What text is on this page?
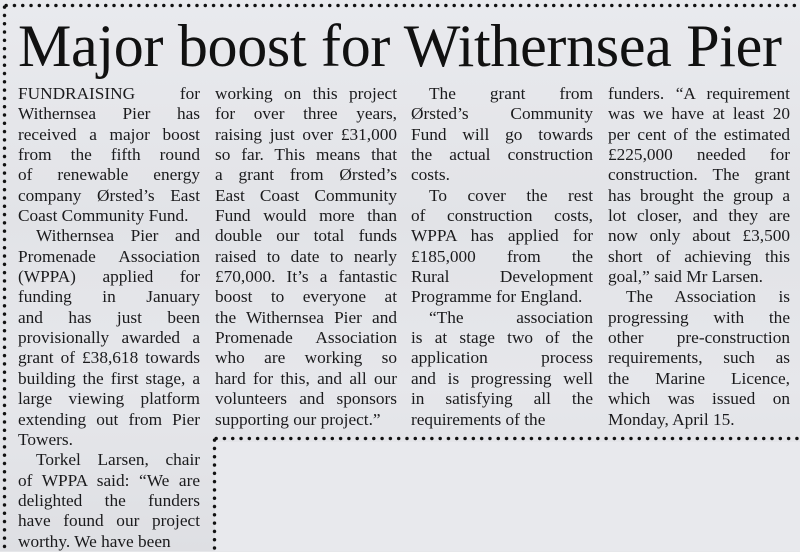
Major boost for Withernsea Pier

FUNDRAISING for
Withernsea Pier has
received a major boost
from the fifth round
of renewable energy
company Ørsted’s East
Coast Community Fund.

Withernsea Pier and
Promenade Association
(WPPA) applied for
funding in January
and has just been
provisionally awarded a
grant of £38,618 towards
building the first stage, a
large viewing platform
extending out from Pier
Towers.

Torkel Larsen, chair
of WPPA said: “We are
delighted the funders
have found our project
worthy. We have been

working on this project
for over three years,
raising just over £31,000
so far. This means that
a grant from Ørsted’s
East Coast Community
Fund would more than
double our total funds
raised to date to nearly
£70,000. It’s a fantastic
boost to everyone at
the Withernsea Pier and
Promenade Association
who are working so
hard for this, and all our
volunteers and sponsors
supporting our project.”

The grant from
Ørsted’s Community
Fund will go towards
the actual construction
costs.

To cover the rest
of construction costs,
WPPA has applied for
£185,000 from the
Rural Development
Programme for England.

“The association
is at stage two of the
application process
and is progressing well
in satisfying all the
requirements of the

funders. “A requirement
was we have at least 20
per cent of the estimated
£225,000 needed for
construction. The grant
has brought the group a
lot closer, and they are
now only about £3,500
short of achieving this
goal,” said Mr Larsen.

The Association is
progressing with the
other pre-construction
requirements, such as
the Marine Licence,
which was issued on
Monday, April 15.
